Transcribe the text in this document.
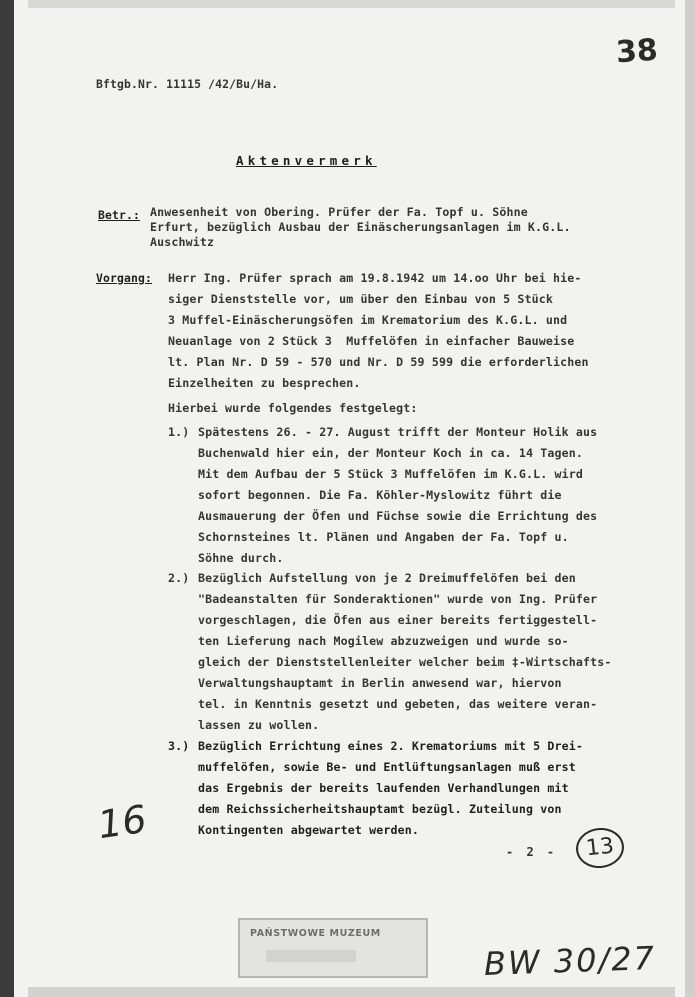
Bftgb.Nr. 11115 /42/Bu/Ha.
Aktenvermerk
38
Betr.: Anwesenheit von Obering. Prüfer der Fa. Topf u. Söhne
Erfurt, bezüglich Ausbau der Einäscherungsanlagen im K.G.L.
Auschwitz
Vorgang: Herr Ing. Prüfer sprach am 19.8.1942 um 14.oo Uhr bei hie-
siger Dienststelle vor, um über den Einbau von 5 Stück
3 Muffel-Einäscherungsöfen im Krematorium des K.G.L. und
Neuanlage von 2 Stück 3  Muffelöfen in einfacher Bauweise
lt. Plan Nr. D 59 - 570 und Nr. D 59 599 die erforderlichen
Einzelheiten zu besprechen.
Hierbei wurde folgendes festgelegt:
1.) Spätestens 26. - 27. August trifft der Monteur Holik aus
Buchenwald hier ein, der Monteur Koch in ca. 14 Tagen.
Mit dem Aufbau der 5 Stück 3 Muffelöfen im K.G.L. wird
sofort begonnen. Die Fa. Köhler-Myslowitz führt die
Ausmauerung der Öfen und Füchse sowie die Errichtung des
Schornsteines lt. Plänen und Angaben der Fa. Topf u.
Söhne durch.
2.) Bezüglich Aufstellung von je 2 Dreimuffelöfen bei den
"Badeanstalten für Sonderaktionen" wurde von Ing. Prüfer
vorgeschlagen, die Öfen aus einer bereits fertiggestell-
ten Lieferung nach Mogilew abzuzweigen und wurde so-
gleich der Dienststellenleiter welcher beim ‡-Wirtschafts-
Verwaltungshauptamt in Berlin anwesend war, hiervon
tel. in Kenntnis gesetzt und gebeten, das weitere veran-
lassen zu wollen.
3.) Bezüglich Errichtung eines 2. Krematoriums mit 5 Drei-
muffelöfen, sowie Be- und Entlüftungsanlagen muß erst
das Ergebnis der bereits laufenden Verhandlungen mit
dem Reichssicherheitshauptamt bezügl. Zuteilung von
Kontingenten abgewartet werden.
16
- 2 -	13
PAŃSTWOWE MUZEUM
BW 30/27
